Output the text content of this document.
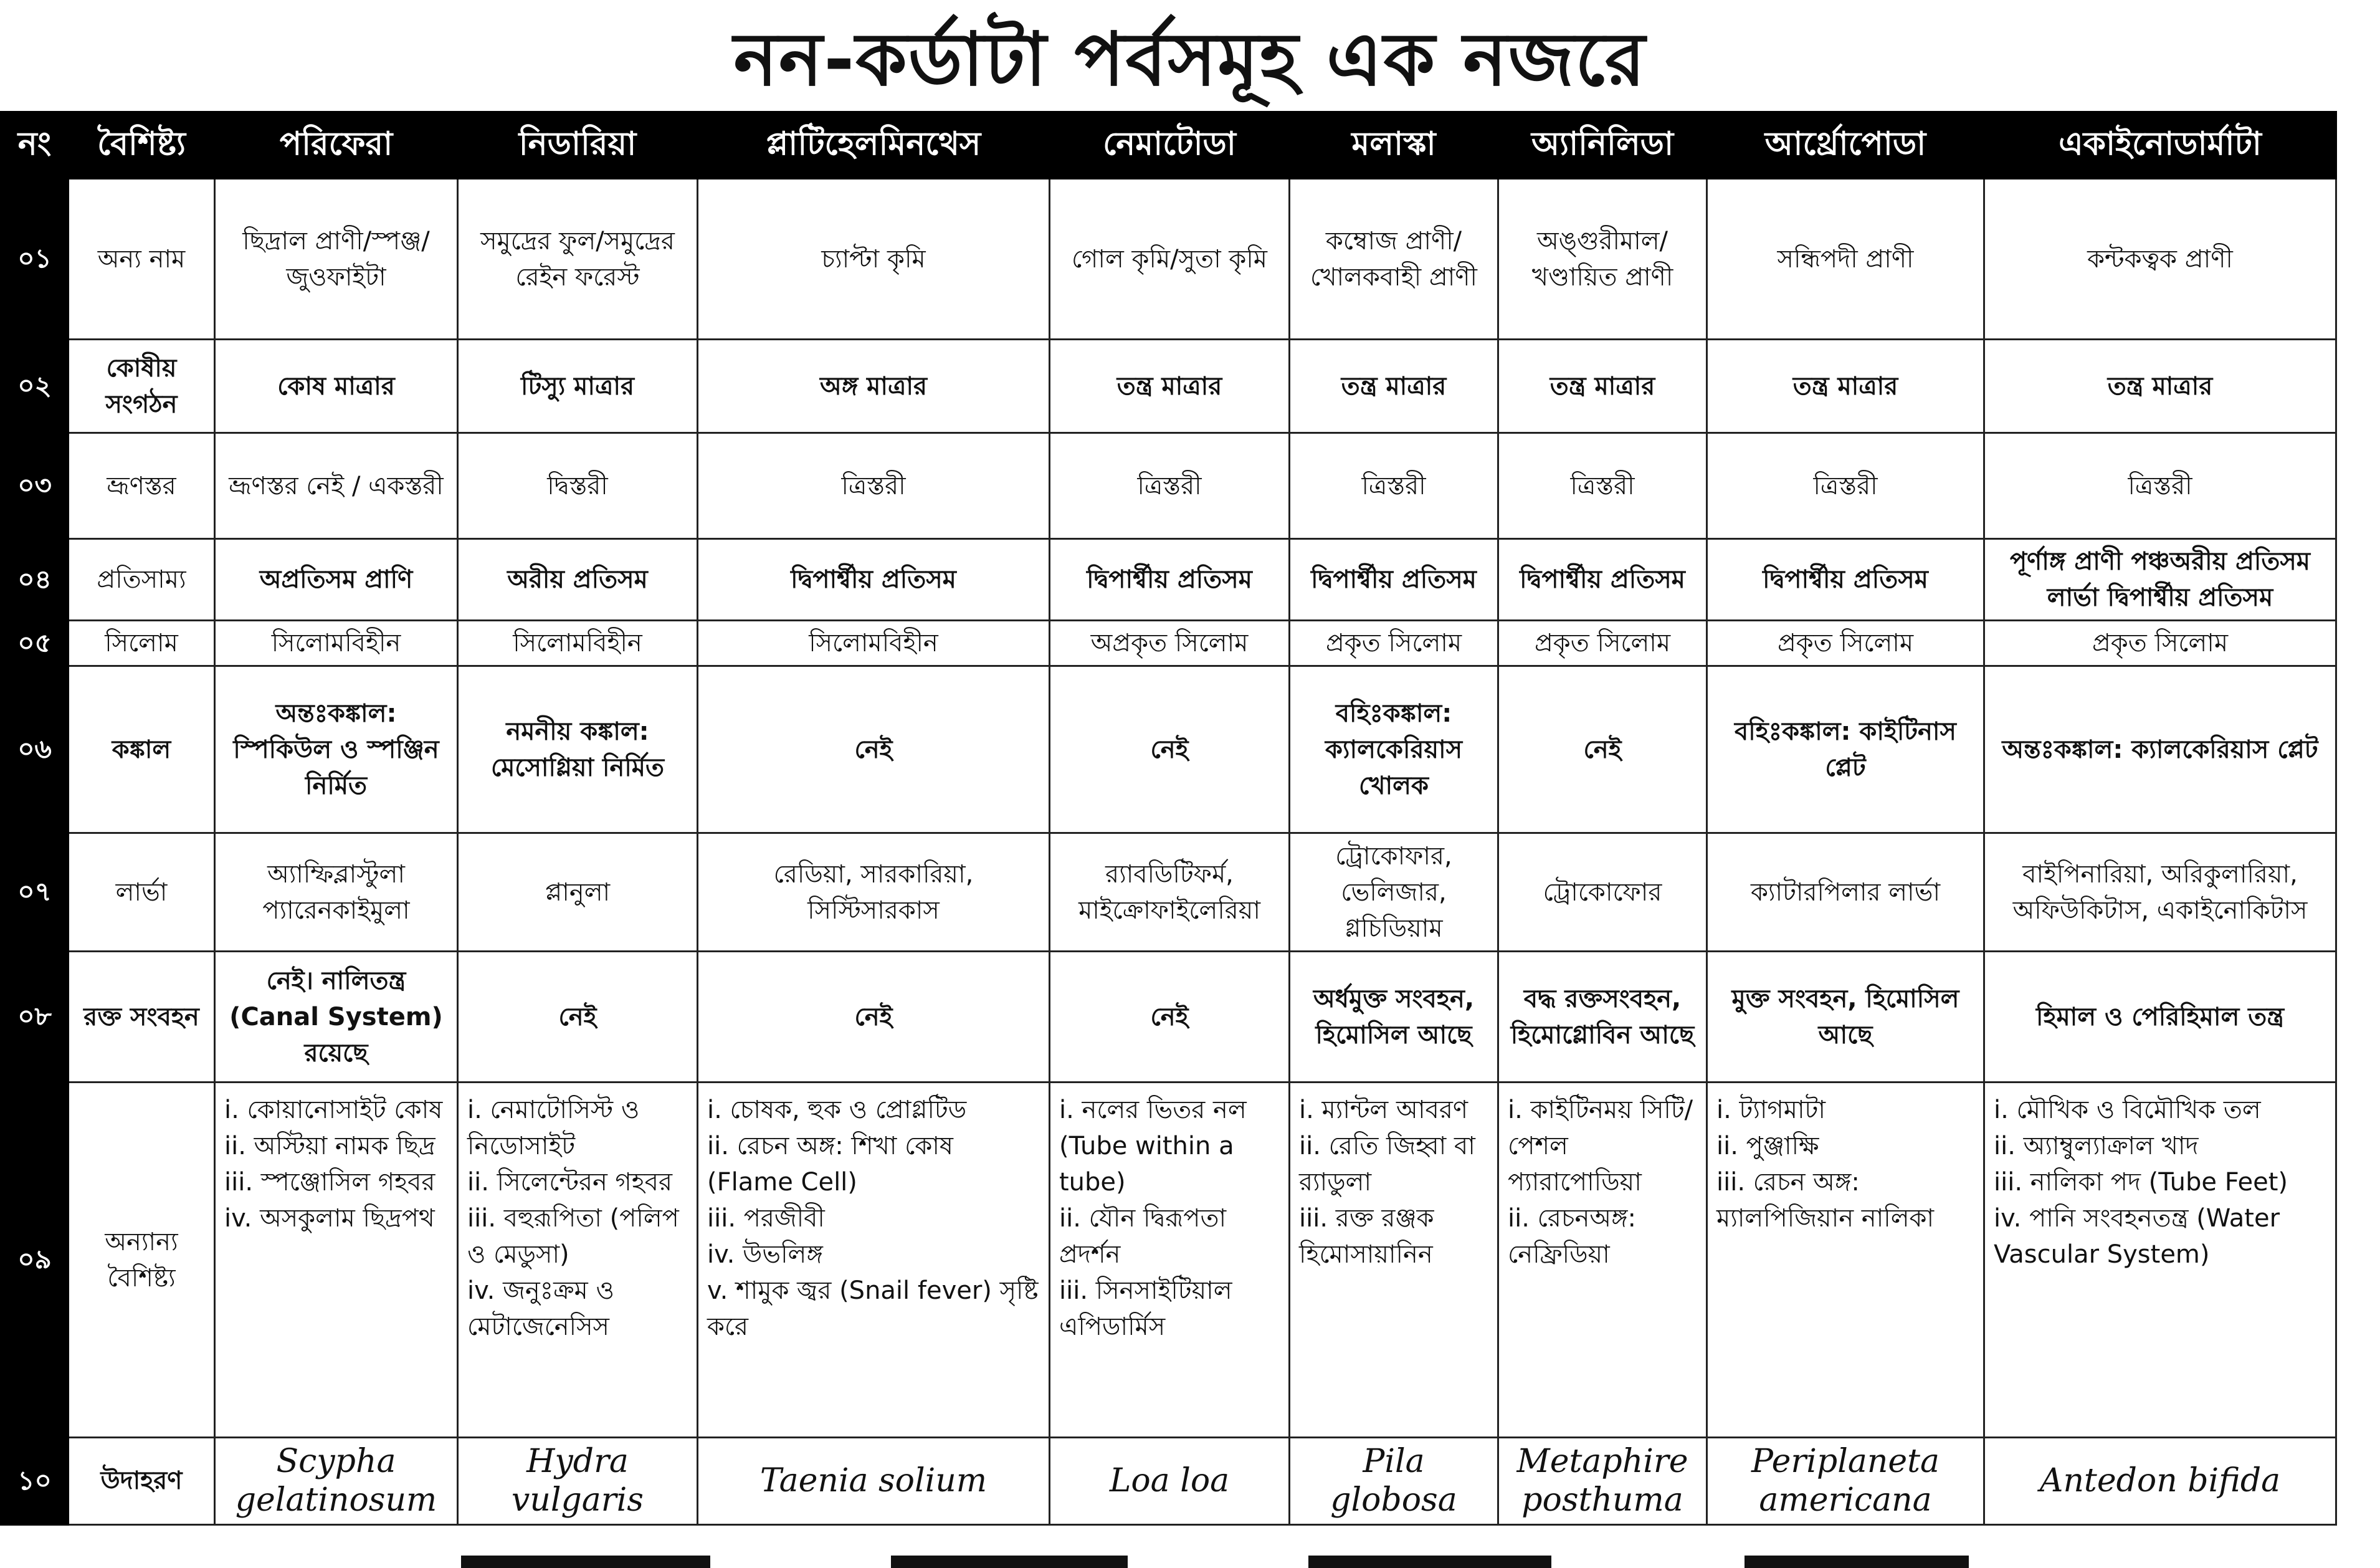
নন-কর্ডাটা পর্বসমূহ এক নজরে
নং	বৈশিষ্ট্য	পরিফেরা	নিডারিয়া	প্লাটিহেলমিনথেস	নেমাটোডা	মলাস্কা	অ্যানিলিডা	আর্থ্রোপোডা	একাইনোডার্মাটা
০১	অন্য নাম	ছিদ্রাল প্রাণী/স্পঞ্জ/ জুওফাইটা	সমুদ্রের ফুল/সমুদ্রের রেইন ফরেস্ট	চ্যাপ্টা কৃমি	গোল কৃমি/সুতা কৃমি	কম্বোজ প্রাণী/ খোলকবাহী প্রাণী	অঙ্গুরীমাল/ খণ্ডায়িত প্রাণী	সন্ধিপদী প্রাণী	কন্টকত্বক প্রাণী
০২	কোষীয় সংগঠন	কোষ মাত্রার	টিস্যু মাত্রার	অঙ্গ মাত্রার	তন্ত্র মাত্রার	তন্ত্র মাত্রার	তন্ত্র মাত্রার	তন্ত্র মাত্রার	তন্ত্র মাত্রার
০৩	ভ্রূণস্তর	ভ্রূণস্তর নেই / একস্তরী	দ্বিস্তরী	ত্রিস্তরী	ত্রিস্তরী	ত্রিস্তরী	ত্রিস্তরী	ত্রিস্তরী	ত্রিস্তরী
০৪	প্রতিসাম্য	অপ্রতিসম প্রাণি	অরীয় প্রতিসম	দ্বিপার্শ্বীয় প্রতিসম	দ্বিপার্শ্বীয় প্রতিসম	দ্বিপার্শ্বীয় প্রতিসম	দ্বিপার্শ্বীয় প্রতিসম	দ্বিপার্শ্বীয় প্রতিসম	পূর্ণাঙ্গ প্রাণী পঞ্চঅরীয় প্রতিসম লার্ভা দ্বিপার্শ্বীয় প্রতিসম
০৫	সিলোম	সিলোমবিহীন	সিলোমবিহীন	সিলোমবিহীন	অপ্রকৃত সিলোম	প্রকৃত সিলোম	প্রকৃত সিলোম	প্রকৃত সিলোম	প্রকৃত সিলোম
০৬	কঙ্কাল	অন্তঃকঙ্কাল: স্পিকিউল ও স্পঞ্জিন নির্মিত	নমনীয় কঙ্কাল: মেসোগ্লিয়া নির্মিত	নেই	নেই	বহিঃকঙ্কাল: ক্যালকেরিয়াস খোলক	নেই	বহিঃকঙ্কাল: কাইটিনাস প্লেট	অন্তঃকঙ্কাল: ক্যালকেরিয়াস প্লেট
০৭	লার্ভা	অ্যাম্ফিব্লাস্টুলা প্যারেনকাইমুলা	প্লানুলা	রেডিয়া, সারকারিয়া, সিস্টিসারকাস	র‍্যাবডিটিফর্ম, মাইক্রোফাইলেরিয়া	ট্রোকোফার, ভেলিজার, গ্লচিডিয়াম	ট্রোকোফোর	ক্যাটারপিলার লার্ভা	বাইপিনারিয়া, অরিকুলারিয়া, অফিউকিটাস, একাইনোকিটাস
০৮	রক্ত সংবহন	নেই। নালিতন্ত্র (Canal System) রয়েছে	নেই	নেই	নেই	অর্ধমুক্ত সংবহন, হিমোসিল আছে	বদ্ধ রক্তসংবহন, হিমোগ্লোবিন আছে	মুক্ত সংবহন, হিমোসিল আছে	হিমাল ও পেরিহিমাল তন্ত্র
০৯	অন্যান্য বৈশিষ্ট্য	i. কোয়ানোসাইট কোষ
ii. অস্টিয়া নামক ছিদ্র
iii. স্পঞ্জোসিল গহবর
iv. অসকুলাম ছিদ্রপথ	i. নেমাটোসিস্ট ও নিডোসাইট
ii. সিলেন্টেরন গহবর
iii. বহুরূপিতা (পলিপ ও মেডুসা)
iv. জনুঃক্রম ও মেটাজেনেসিস	i. চোষক, হুক ও প্রোগ্লটিড
ii. রেচন অঙ্গ: শিখা কোষ (Flame Cell)
iii. পরজীবী
iv. উভলিঙ্গ
v. শামুক জ্বর (Snail fever) সৃষ্টি করে	i. নলের ভিতর নল (Tube within a tube)
ii. যৌন দ্বিরূপতা প্রদর্শন
iii. সিনসাইটিয়াল এপিডার্মিস	i. ম্যান্টল আবরণ
ii. রেতি জিহ্বা বা র‍্যাডুলা
iii. রক্ত রঞ্জক হিমোসায়ানিন	i. কাইটিনময় সিটি/পেশল প্যারাপোডিয়া
ii. রেচনঅঙ্গ: নেফ্রিডিয়া	i. ট্যাগমাটা
ii. পুঞ্জাক্ষি
iii. রেচন অঙ্গ: ম্যালপিজিয়ান নালিকা	i. মৌখিক ও বিমৌখিক তল
ii. অ্যাম্বুল্যাক্রাল খাদ
iii. নালিকা পদ (Tube Feet)
iv. পানি সংবহনতন্ত্র (Water Vascular System)

১০	উদাহরণ	Scypha gelatinosum	Hydra vulgaris	Taenia solium	Loa loa	Pila globosa	Metaphire posthuma	Periplaneta americana	Antedon bifida
